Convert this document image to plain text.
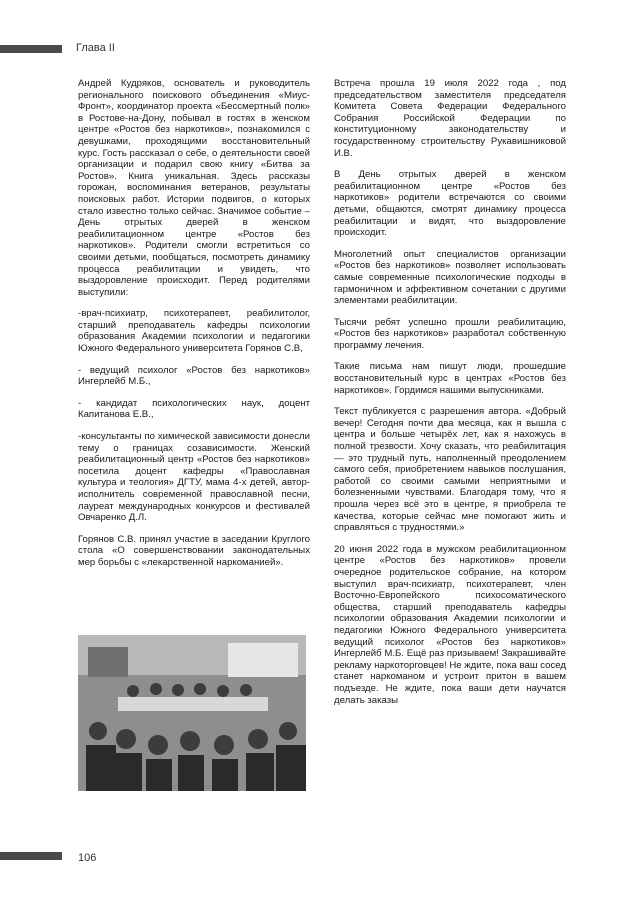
Глава II

Андрей Кудряков, основатель и руководитель регионального поискового объединения «Миус-Фронт», координатор проекта «Бессмертный полк» в Ростове-на-Дону, побывал в гостях в женском центре «Ростов без наркотиков», познакомился с девушками, проходящими восстановительный курс. Гость рассказал о себе, о деятельности своей организации и подарил свою книгу «Битва за Ростов». Книга уникальная. Здесь рассказы горожан, воспоминания ветеранов, результаты поисковых работ. Истории подвигов, о которых стало известно только сейчас. Значимое событие – День отрытых дверей в женском реабилитационном центре «Ростов без наркотиков». Родители смогли встретиться со своими детьми, пообщаться, посмотреть динамику процесса реабилитации и увидеть, что выздоровление происходит. Перед родителями выступили:

-врач-психиатр, психотерапевт, реабилитолог, старший преподаватель кафедры психологии образования Академии психологии и педагогики Южного Федерального университета Горянов С.В,

- ведущий психолог «Ростов без наркотиков» Ингерлейб М.Б.,

- кандидат психологических наук, доцент Капитанова Е.В.,

-консультанты по химической зависимости донесли тему о границах созависимости. Женский реабилитационный центр «Ростов без наркотиков» посетила доцент кафедры «Православная культура и теология» ДГТУ, мама 4-х детей, автор-исполнитель современной православной песни, лауреат международных конкурсов и фестивалей Овчаренко Д.Л.

Горянов С.В. принял участие в заседании Круглого стола «О совершенствовании законодательных мер борьбы с «лекарственной наркоманией».

Встреча прошла 19 июля 2022 года , под председательством заместителя председателя Комитета Совета Федерации Федерального Собрания Российской Федерации по конституционному законодательству и государственному строительству Рукавишниковой И.В.

В День отрытых дверей в женском реабилитационном центре «Ростов без наркотиков» родители встречаются со своими детьми, общаются, смотрят динамику процесса реабилитации и видят, что выздоровление происходит.

Многолетний опыт специалистов организации «Ростов без наркотиков» позволяет использовать самые современные психологические подходы в гармоничном и эффективном сочетании с другими элементами реабилитации.

Тысячи ребят успешно прошли реабилитацию, «Ростов без наркотиков» разработал собственную программу лечения.

Такие письма нам пишут люди, прошедшие восстановительный курс в центрах «Ростов без наркотиков». Гордимся нашими выпускниками.

Текст публикуется с разрешения автора. «Добрый вечер! Сегодня почти два месяца, как я вышла с центра и больше четырёх лет, как я нахожусь в полной трезвости. Хочу сказать, что реабилитация — это трудный путь, наполненный преодолением самого себя, приобретением навыков послушания, работой со своими самыми неприятными и болезненными чувствами. Благодаря тому, что я прошла через всё это в центре, я приобрела те качества, которые сейчас мне помогают жить и справляться с трудностями.»

20 июня 2022 года в мужском реабилитационном центре «Ростов без наркотиков» провели очередное родительское собрание, на котором выступил врач-психиатр, психотерапевт, член Восточно-Европейского психосоматического общества, старший преподаватель кафедры психологии образования Академии психологии и педагогики Южного Федерального университета ведущий психолог «Ростов без наркотиков» Ингерлейб М.Б. Ещё раз призываем! Закрашивайте рекламу наркоторговцев! Не ждите, пока ваш сосед станет наркоманом и устроит притон в вашем подъезде. Не ждите, пока ваши дети научатся делать заказы

106
